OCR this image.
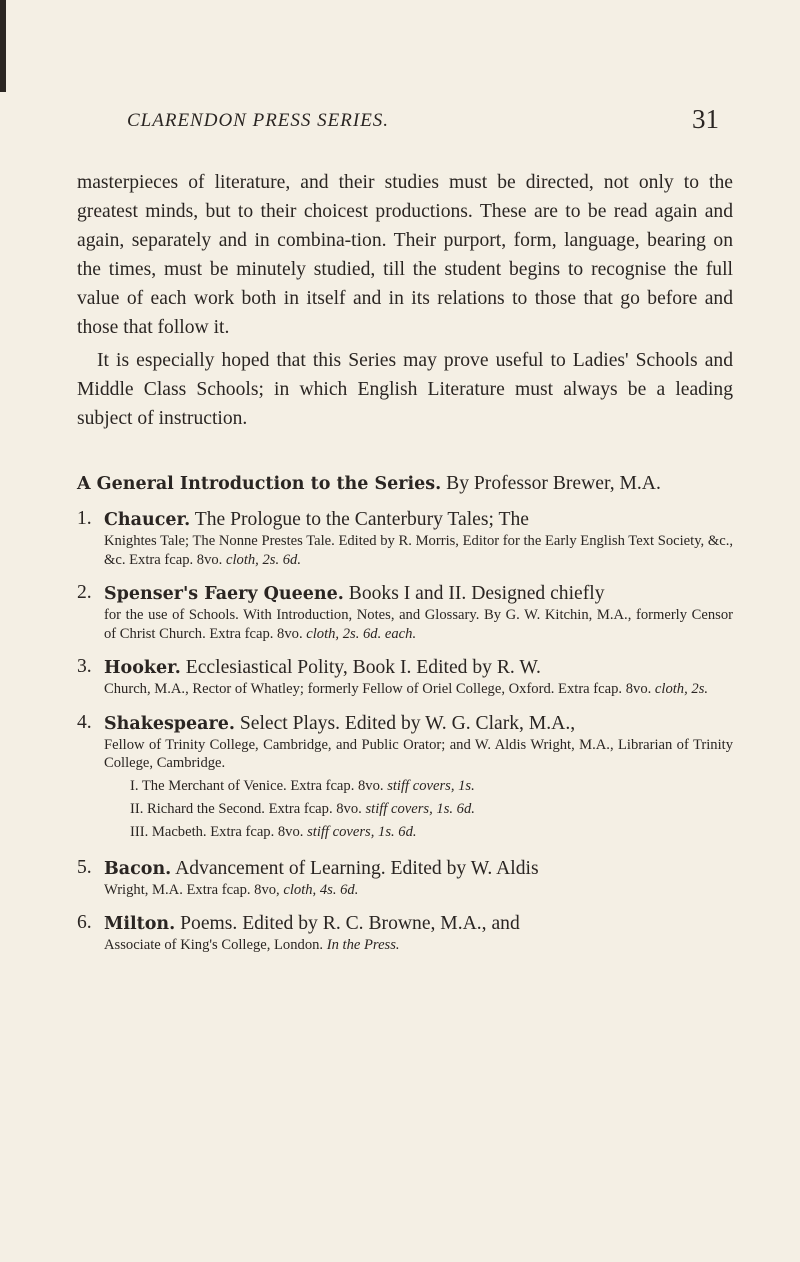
CLARENDON PRESS SERIES.	31

masterpieces of literature, and their studies must be directed, not only to the greatest minds, but to their choicest productions. These are to be read again and again, separately and in combina-tion. Their purport, form, language, bearing on the times, must be minutely studied, till the student begins to recognise the full value of each work both in itself and in its relations to those that go before and those that follow it.

It is especially hoped that this Series may prove useful to Ladies' Schools and Middle Class Schools; in which English Literature must always be a leading subject of instruction.

A General Introduction to the Series. By Professor Brewer, M.A.
1. Chaucer. The Prologue to the Canterbury Tales; The
Knightes Tale; The Nonne Prestes Tale. Edited by R. Morris, Editor for the Early English Text Society, &c., &c. Extra fcap. 8vo. cloth, 2s. 6d.
2. Spenser's Faery Queene. Books I and II. Designed chiefly
for the use of Schools. With Introduction, Notes, and Glossary. By G. W. Kitchin, M.A., formerly Censor of Christ Church. Extra fcap. 8vo. cloth, 2s. 6d. each.
3. Hooker. Ecclesiastical Polity, Book I. Edited by R. W.
Church, M.A., Rector of Whatley; formerly Fellow of Oriel College, Oxford. Extra fcap. 8vo. cloth, 2s.
4. Shakespeare. Select Plays. Edited by W. G. Clark, M.A.,
Fellow of Trinity College, Cambridge, and Public Orator; and W. Aldis Wright, M.A., Librarian of Trinity College, Cambridge.
I. The Merchant of Venice. Extra fcap. 8vo. stiff covers, 1s.
II. Richard the Second. Extra fcap. 8vo. stiff covers, 1s. 6d.
III. Macbeth. Extra fcap. 8vo. stiff covers, 1s. 6d.
5. Bacon. Advancement of Learning. Edited by W. Aldis
Wright, M.A. Extra fcap. 8vo, cloth, 4s. 6d.
6. Milton. Poems. Edited by R. C. Browne, M.A., and
Associate of King's College, London. In the Press.
